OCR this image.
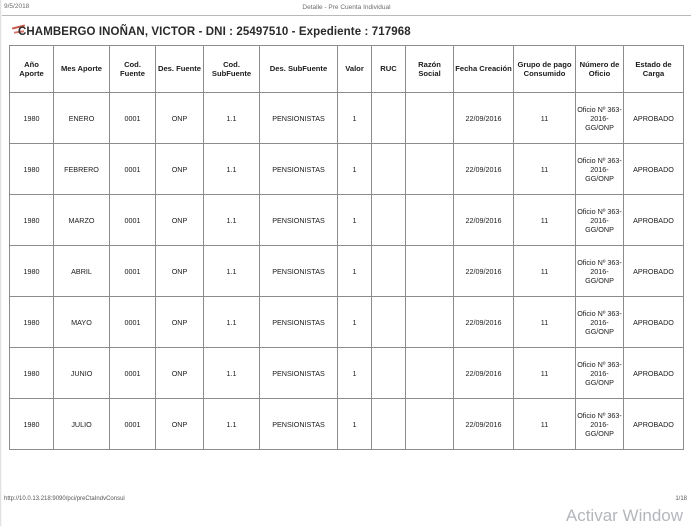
9/5/2018	Detalle - Pre Cuenta Individual
CHAMBERGO INOÑAN, VICTOR - DNI : 25497510 - Expediente : 717968
Año Aporte	Mes Aporte	Cod. Fuente	Des. Fuente	Cod. SubFuente	Des. SubFuente	Valor	RUC	Razón Social	Fecha Creación	Grupo de pago Consumido	Número de Oficio	Estado de Carga
1980	ENERO	0001	ONP	1.1	PENSIONISTAS	1			22/09/2016	11	Oficio Nº 363-2016-GG/ONP	APROBADO
1980	FEBRERO	0001	ONP	1.1	PENSIONISTAS	1			22/09/2016	11	Oficio Nº 363-2016-GG/ONP	APROBADO
1980	MARZO	0001	ONP	1.1	PENSIONISTAS	1			22/09/2016	11	Oficio Nº 363-2016-GG/ONP	APROBADO
1980	ABRIL	0001	ONP	1.1	PENSIONISTAS	1			22/09/2016	11	Oficio Nº 363-2016-GG/ONP	APROBADO
1980	MAYO	0001	ONP	1.1	PENSIONISTAS	1			22/09/2016	11	Oficio Nº 363-2016-GG/ONP	APROBADO
1980	JUNIO	0001	ONP	1.1	PENSIONISTAS	1			22/09/2016	11	Oficio Nº 363-2016-GG/ONP	APROBADO
1980	JULIO	0001	ONP	1.1	PENSIONISTAS	1			22/09/2016	11	Oficio Nº 363-2016-GG/ONP	APROBADO
http://10.0.13.218:9090/pci/preCtaIndvConsul	1/18
Activar Window
